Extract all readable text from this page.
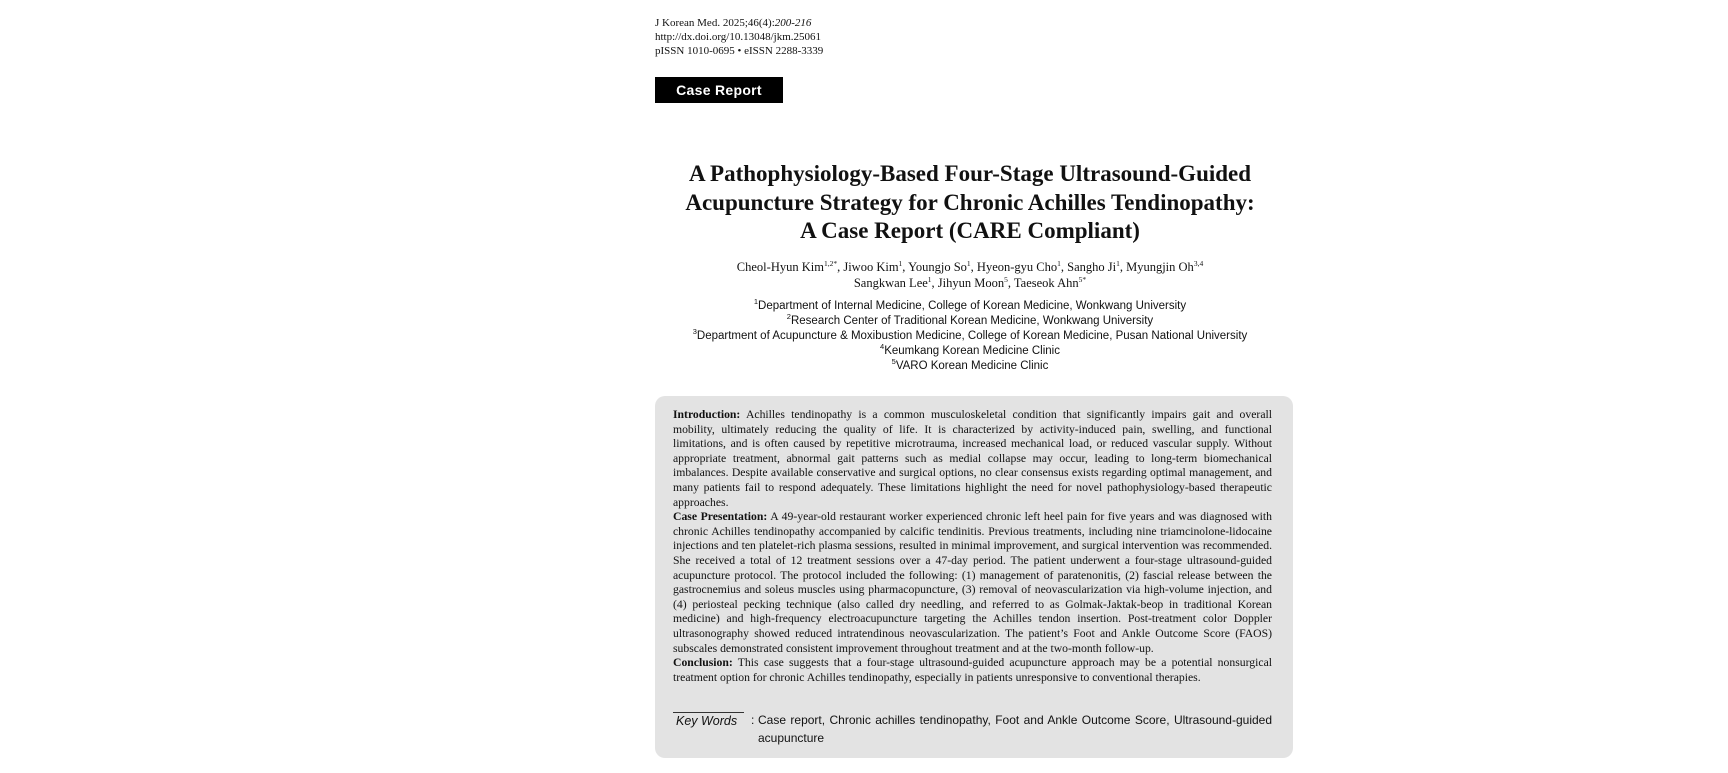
J Korean Med. 2025;46(4):200-216
http://dx.doi.org/10.13048/jkm.25061
pISSN 1010-0695 • eISSN 2288-3339
Case Report
A Pathophysiology-Based Four-Stage Ultrasound-Guided
Acupuncture Strategy for Chronic Achilles Tendinopathy:
A Case Report (CARE Compliant)
Cheol-Hyun Kim$^{1,2*}$, Jiwoo Kim$^1$, Youngjo So$^1$, Hyeon-gyu Cho$^1$, Sangho Ji$^1$, Myungjin Oh$^{3,4}$
Sangkwan Lee$^1$, Jihyun Moon$^5$, Taeseok Ahn$^{5*}$
$^1$Department of Internal Medicine, College of Korean Medicine, Wonkwang University
$^2$Research Center of Traditional Korean Medicine, Wonkwang University
$^3$Department of Acupuncture & Moxibustion Medicine, College of Korean Medicine, Pusan National University
$^4$Keumkang Korean Medicine Clinic
$^5$VARO Korean Medicine Clinic

Introduction: Achilles tendinopathy is a common musculoskeletal condition that significantly impairs gait and overall mobility, ultimately reducing the quality of life. It is characterized by activity-induced pain, swelling, and functional limitations, and is often caused by repetitive microtrauma, increased mechanical load, or reduced vascular supply. Without appropriate treatment, abnormal gait patterns such as medial collapse may occur, leading to long-term biomechanical imbalances. Despite available conservative and surgical options, no clear consensus exists regarding optimal management, and many patients fail to respond adequately. These limitations highlight the need for novel pathophysiology-based therapeutic approaches.

Case Presentation: A 49-year-old restaurant worker experienced chronic left heel pain for five years and was diagnosed with chronic Achilles tendinopathy accompanied by calcific tendinitis. Previous treatments, including nine triamcinolone-lidocaine injections and ten platelet-rich plasma sessions, resulted in minimal improvement, and surgical intervention was recommended. She received a total of 12 treatment sessions over a 47-day period. The patient underwent a four-stage ultrasound-guided acupuncture protocol. The protocol included the following: (1) management of paratenonitis, (2) fascial release between the gastrocnemius and soleus muscles using pharmacopuncture, (3) removal of neovascularization via high-volume injection, and (4) periosteal pecking technique (also called dry needling, and referred to as Golmak-Jaktak-beop in traditional Korean medicine) and high-frequency electroacupuncture targeting the Achilles tendon insertion. Post-treatment color Doppler ultrasonography showed reduced intratendinous neovascularization. The patient’s Foot and Ankle Outcome Score (FAOS) subscales demonstrated consistent improvement throughout treatment and at the two-month follow-up.

Conclusion: This case suggests that a four-stage ultrasound-guided acupuncture approach may be a potential nonsurgical treatment option for chronic Achilles tendinopathy, especially in patients unresponsive to conventional therapies.

Key Words	: Case report, Chronic achilles tendinopathy, Foot and Ankle Outcome Score, Ultrasound-guided acupuncture
